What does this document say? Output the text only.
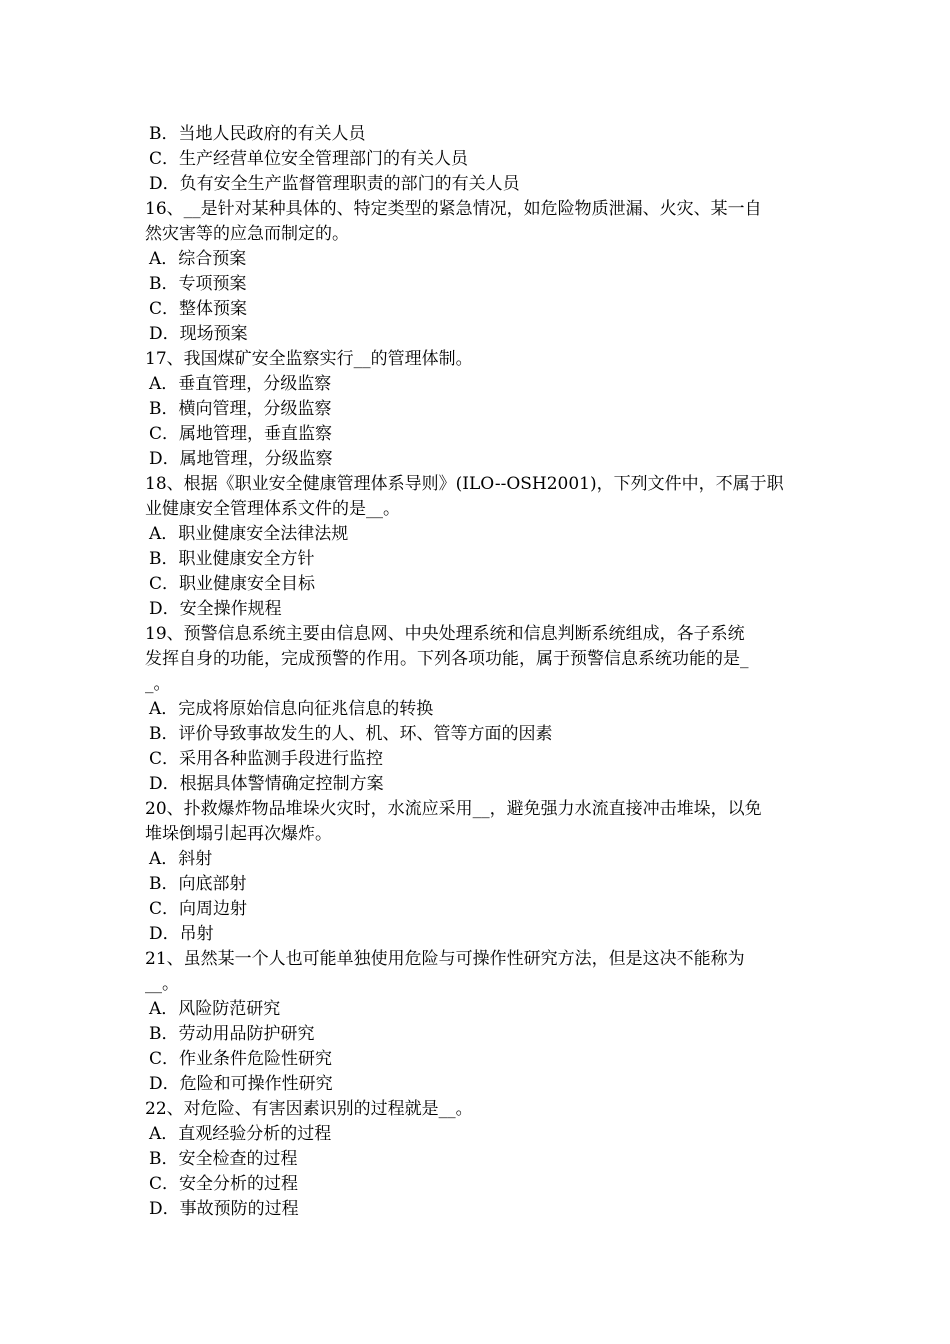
B．当地人民政府的有关人员
C．生产经营单位安全管理部门的有关人员
D．负有安全生产监督管理职责的部门的有关人员
16、__是针对某种具体的、特定类型的紧急情况，如危险物质泄漏、火灾、某一自
然灾害等的应急而制定的。
A．综合预案
B．专项预案
C．整体预案
D．现场预案
17、我国煤矿安全监察实行__的管理体制。
A．垂直管理，分级监察
B．横向管理，分级监察
C．属地管理，垂直监察
D．属地管理，分级监察
18、根据《职业安全健康管理体系导则》(ILO--OSH2001)，下列文件中，不属于职
业健康安全管理体系文件的是__。
A．职业健康安全法律法规
B．职业健康安全方针
C．职业健康安全目标
D．安全操作规程
19、预警信息系统主要由信息网、中央处理系统和信息判断系统组成，各子系统
发挥自身的功能，完成预警的作用。下列各项功能，属于预警信息系统功能的是_
_。
A．完成将原始信息向征兆信息的转换
B．评价导致事故发生的人、机、环、管等方面的因素
C．采用各种监测手段进行监控
D．根据具体警情确定控制方案
20、扑救爆炸物品堆垛火灾时，水流应采用__，避免强力水流直接冲击堆垛，以免
堆垛倒塌引起再次爆炸。
A．斜射
B．向底部射
C．向周边射
D．吊射
21、虽然某一个人也可能单独使用危险与可操作性研究方法，但是这决不能称为
__。
A．风险防范研究
B．劳动用品防护研究
C．作业条件危险性研究
D．危险和可操作性研究
22、对危险、有害因素识别的过程就是__。
A．直观经验分析的过程
B．安全检查的过程
C．安全分析的过程
D．事故预防的过程
